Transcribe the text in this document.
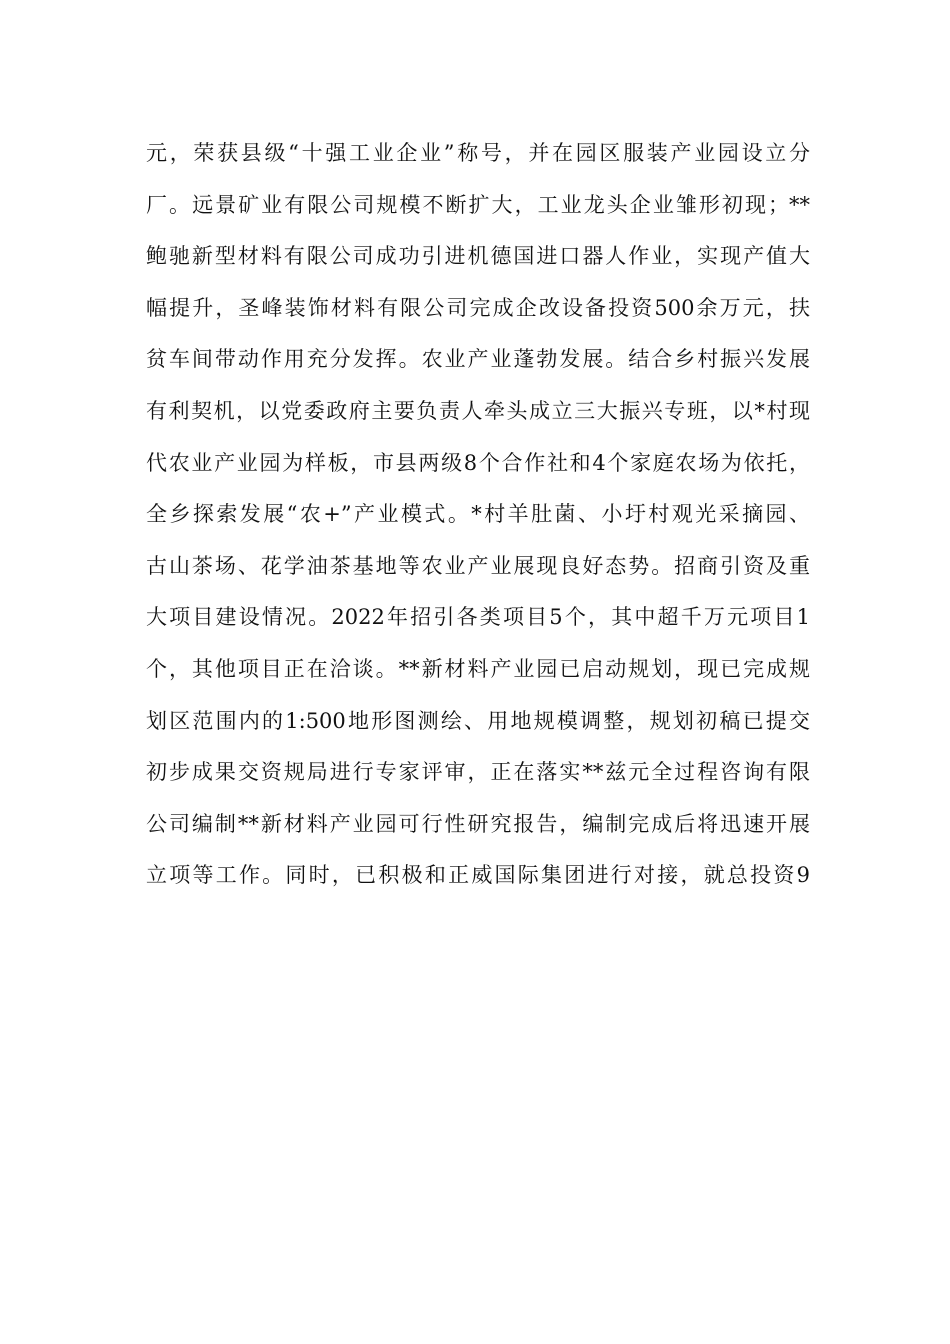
元，荣获县级“十强工业企业”称号，并在园区服装产业园设立分
厂。远景矿业有限公司规模不断扩大，工业龙头企业雏形初现；**
鲍驰新型材料有限公司成功引进机德国进口器人作业，实现产值大
幅提升，圣峰装饰材料有限公司完成企改设备投资500余万元，扶
贫车间带动作用充分发挥。农业产业蓬勃发展。结合乡村振兴发展
有利契机，以党委政府主要负责人牵头成立三大振兴专班，以*村现
代农业产业园为样板，市县两级8个合作社和4个家庭农场为依托，
全乡探索发展“农+”产业模式。*村羊肚菌、小圩村观光采摘园、
古山茶场、花学油茶基地等农业产业展现良好态势。招商引资及重
大项目建设情况。2022年招引各类项目5个，其中超千万元项目1
个，其他项目正在洽谈。**新材料产业园已启动规划，现已完成规
划区范围内的1:500地形图测绘、用地规模调整，规划初稿已提交
初步成果交资规局进行专家评审，正在落实**兹元全过程咨询有限
公司编制**新材料产业园可行性研究报告，编制完成后将迅速开展
立项等工作。同时，已积极和正威国际集团进行对接，就总投资9
